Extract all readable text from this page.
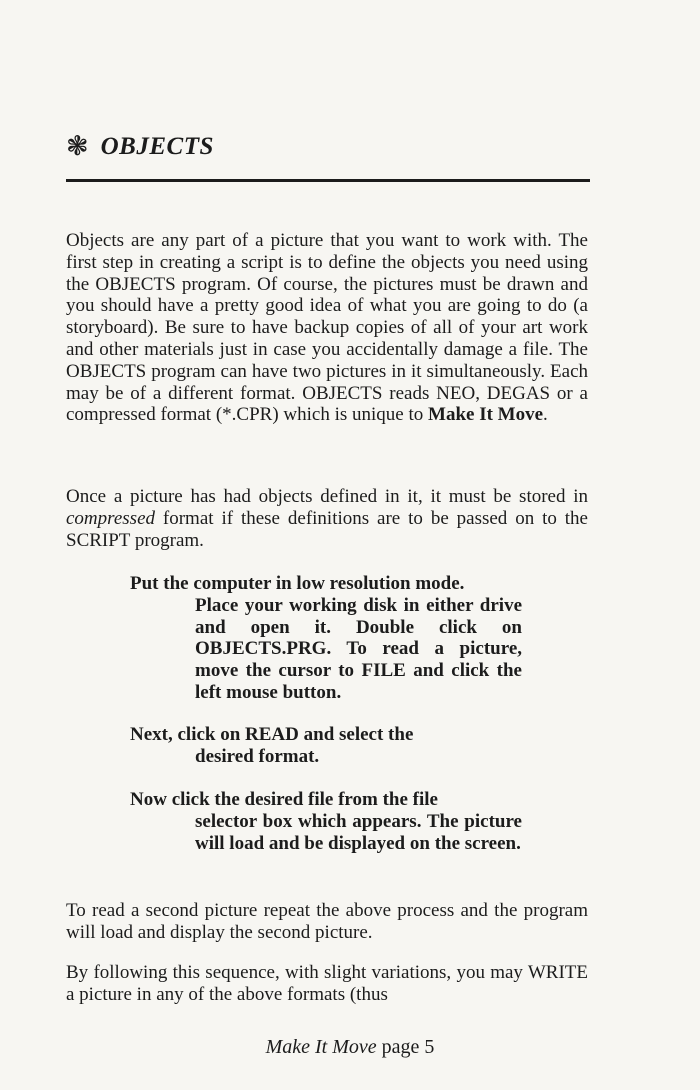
❃ OBJECTS

Objects are any part of a picture that you want to work with. The first step in creating a script is to define the objects you need using the OBJECTS program. Of course, the pictures must be drawn and you should have a pretty good idea of what you are going to do (a storyboard). Be sure to have backup copies of all of your art work and other materials just in case you accidentally damage a file. The OBJECTS program can have two pictures in it simultaneously. Each may be of a different format. OBJECTS reads NEO, DEGAS or a compressed format (*.CPR) which is unique to Make It Move.

Once a picture has had objects defined in it, it must be stored in compressed format if these definitions are to be passed on to the SCRIPT program.

Put the computer in low resolution mode.
Place your working disk in either drive and open it. Double click on OBJECTS.PRG. To read a picture, move the cursor to FILE and click the left mouse button.
Next, click on READ and select the
desired format.
Now click the desired file from the file
selector box which appears. The picture will load and be displayed on the screen.

To read a second picture repeat the above process and the program will load and display the second picture.

By following this sequence, with slight variations, you may WRITE a picture in any of the above formats (thus

Make It Move page 5
